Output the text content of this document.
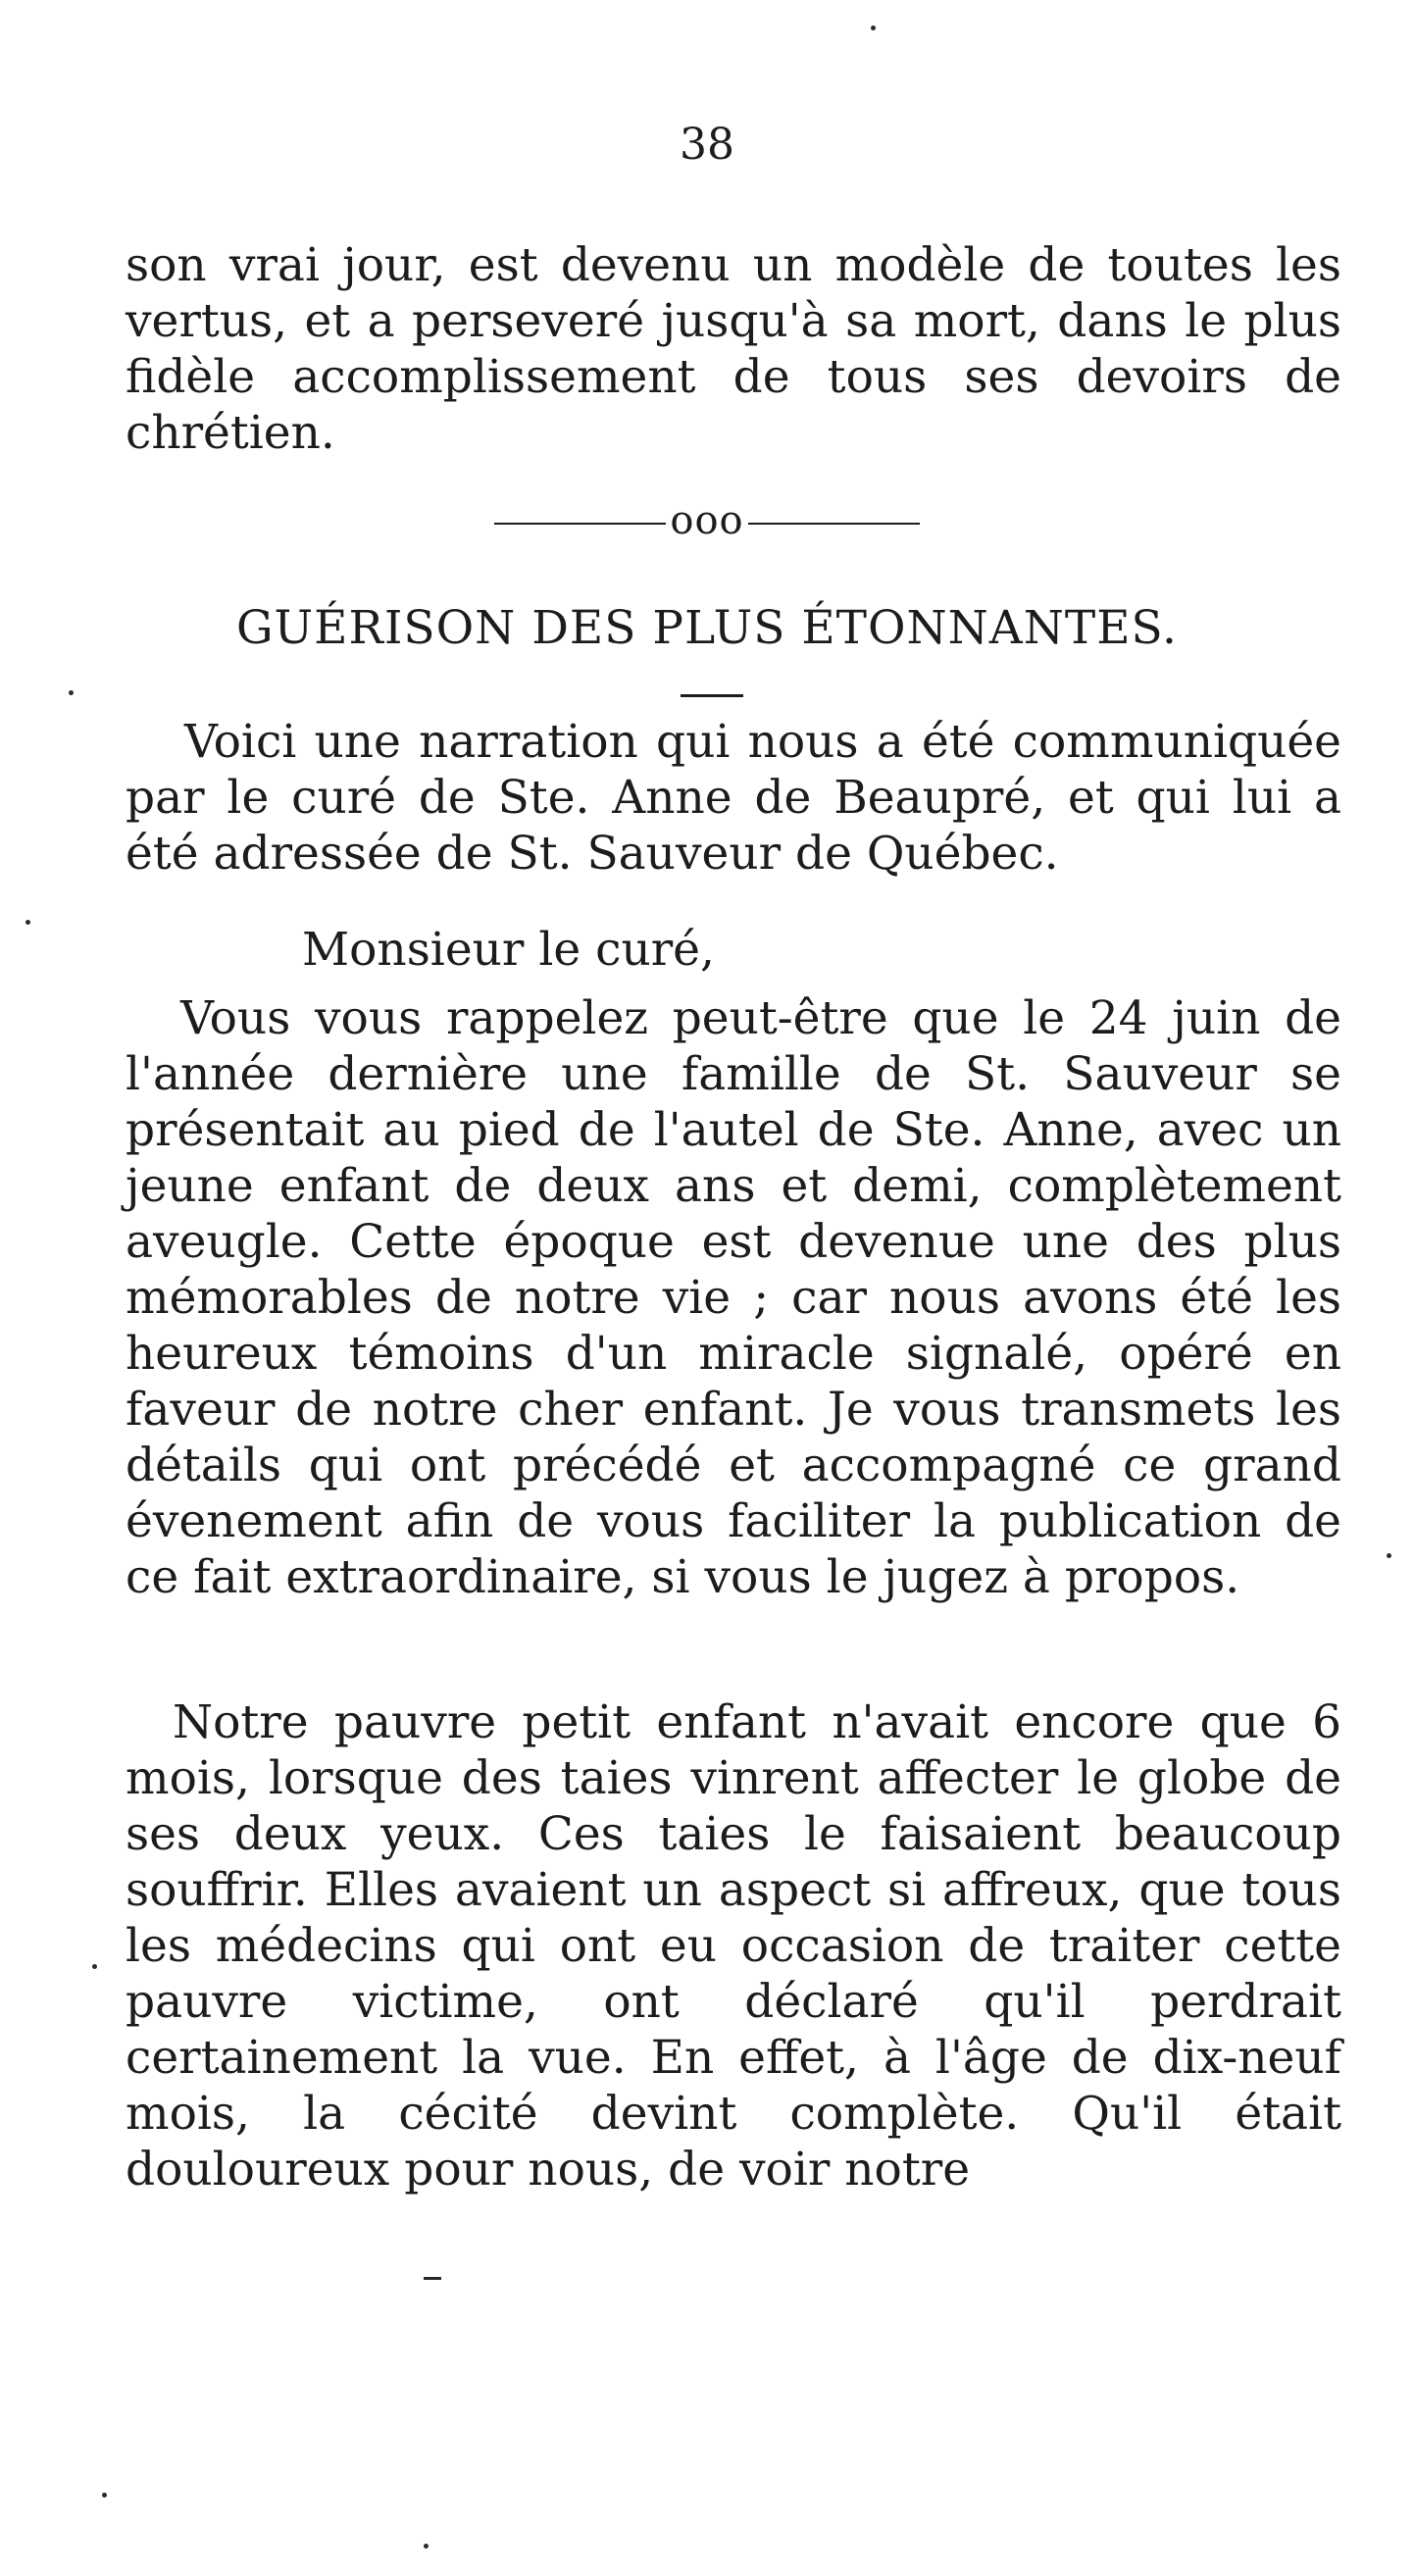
38

son vrai jour, est devenu un modèle de toutes les vertus, et a perseveré jusqu'à sa mort, dans le plus fidèle accomplissement de tous ses devoirs de chrétien.

ooo
GUÉRISON DES PLUS ÉTONNANTES.

Voici une narration qui nous a été communiquée par le curé de Ste. Anne de Beaupré, et qui lui a été adressée de St. Sauveur de Québec.

Monsieur le curé,

Vous vous rappelez peut-être que le 24 juin de l'année dernière une famille de St. Sauveur se présentait au pied de l'autel de Ste. Anne, avec un jeune enfant de deux ans et demi, complètement aveugle. Cette époque est devenue une des plus mémorables de notre vie ; car nous avons été les heureux témoins d'un miracle signalé, opéré en faveur de notre cher enfant. Je vous transmets les détails qui ont précédé et accompagné ce grand évenement afin de vous faciliter la publication de ce fait extraordinaire, si vous le jugez à propos.

Notre pauvre petit enfant n'avait encore que 6 mois, lorsque des taies vinrent affecter le globe de ses deux yeux. Ces taies le faisaient beaucoup souffrir. Elles avaient un aspect si affreux, que tous les médecins qui ont eu occasion de traiter cette pauvre victime, ont déclaré qu'il perdrait certainement la vue. En effet, à l'âge de dix-neuf mois, la cécité devint complète. Qu'il était douloureux pour nous, de voir notre
